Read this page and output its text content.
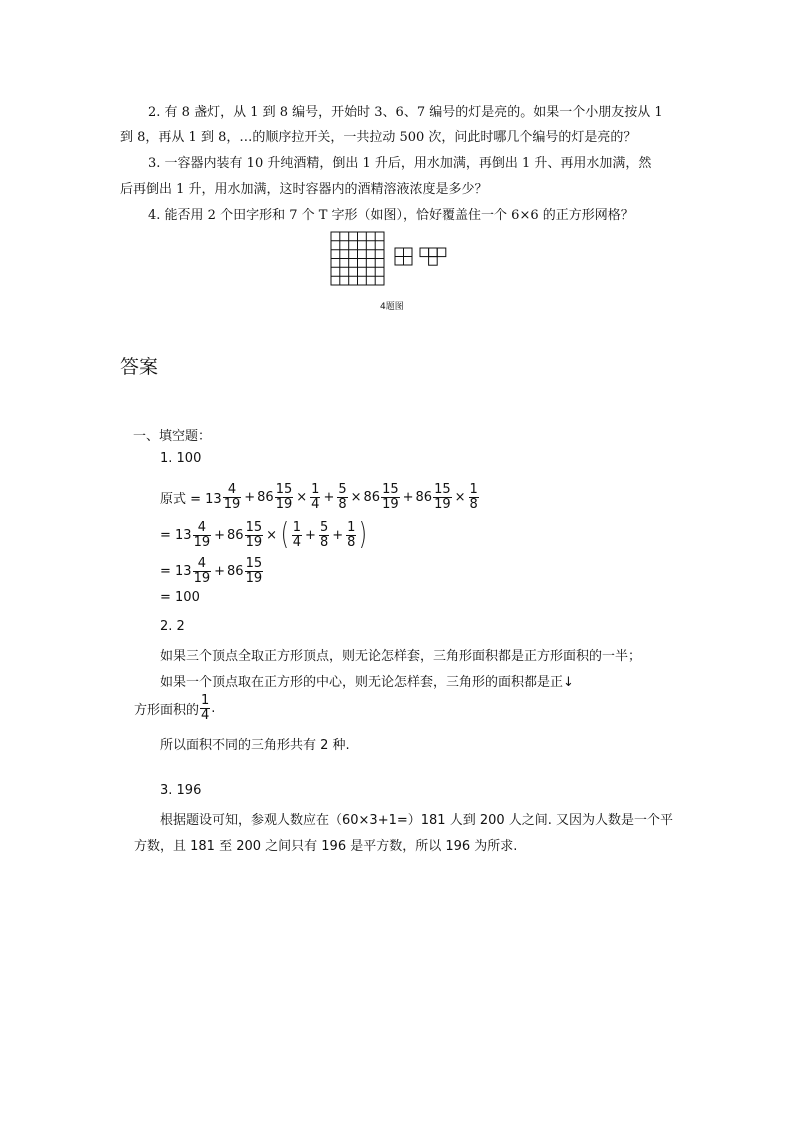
2. 有 8 盏灯，从 1 到 8 编号，开始时 3、6、7 编号的灯是亮的。如果一个小朋友按从 1
到 8，再从 1 到 8，…的顺序拉开关，一共拉动 500 次，问此时哪几个编号的灯是亮的？
3. 一容器内装有 10 升纯酒精，倒出 1 升后，用水加满，再倒出 1 升、再用水加满，然
后再倒出 1 升，用水加满，这时容器内的酒精溶液浓度是多少？
4. 能否用 2 个田字形和 7 个 T 字形（如图），恰好覆盖住一个 6×6 的正方形网格？
4题图
答案
一、填空题：
1. 100
原式 = $13 \frac{4}{19} + 86 \frac{15}{19} \times \frac{1}{4} + \frac{5}{8} \times 86 \frac{15}{19} + 86 \frac{15}{19} \times \frac{1}{8}$
= $13 \frac{4}{19} + 86 \frac{15}{19}$ × ( $\frac{1}{4} + \frac{5}{8} + \frac{1}{8}$ )
= $13 \frac{4}{19} + 86 \frac{15}{19}$
= 100
2. 2
如果三个顶点全取正方形顶点，则无论怎样套，三角形面积都是正方形面积的一半；
如果一个顶点取在正方形的中心，则无论怎样套，三角形的面积都是正↓
方形面积的 $\frac{1}{4}$ .
所以面积不同的三角形共有 2 种.
3. 196
根据题设可知，参观人数应在（60×3+1=）181 人到 200 人之间. 又因为人数是一个平
方数，且 181 至 200 之间只有 196 是平方数，所以 196 为所求.
